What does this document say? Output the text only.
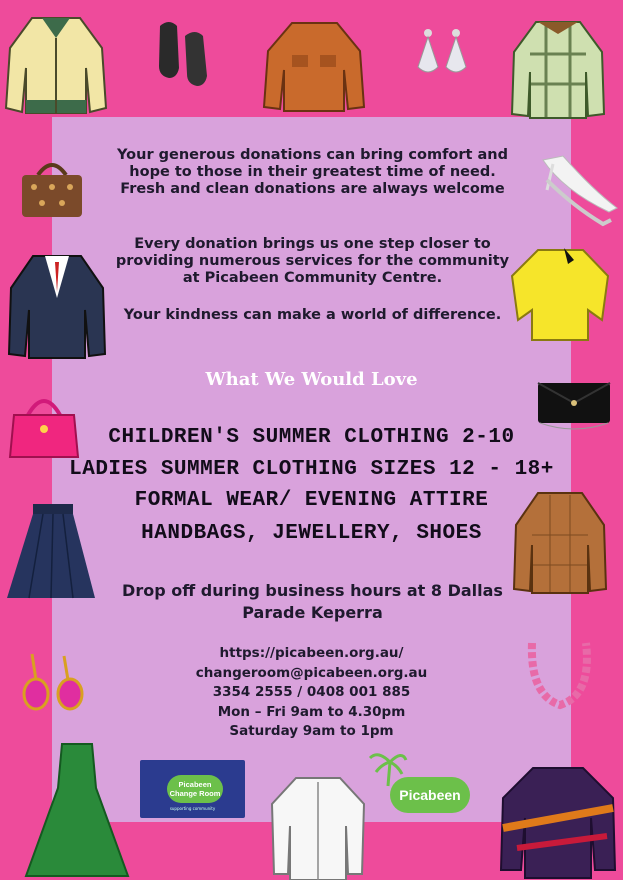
Your generous donations can bring comfort and hope to those in their greatest time of need. Fresh and clean donations are always welcome
Every donation brings us one step closer to providing numerous services for the community at Picabeen Community Centre.
Your kindness can make a world of difference.
What We Would Love
CHILDREN'S SUMMER CLOTHING 2-10
LADIES SUMMER CLOTHING SIZES 12 - 18+
FORMAL WEAR/ EVENING ATTIRE
HANDBAGS, JEWELLERY, SHOES
Drop off during business hours at 8 Dallas Parade Keperra
https://picabeen.org.au/
changeroom@picabeen.org.au
3354 2555 / 0408 001 885
Mon – Fri 9am to 4.30pm
Saturday 9am to 1pm
Picabeen Change Room
supporting community
Picabeen
